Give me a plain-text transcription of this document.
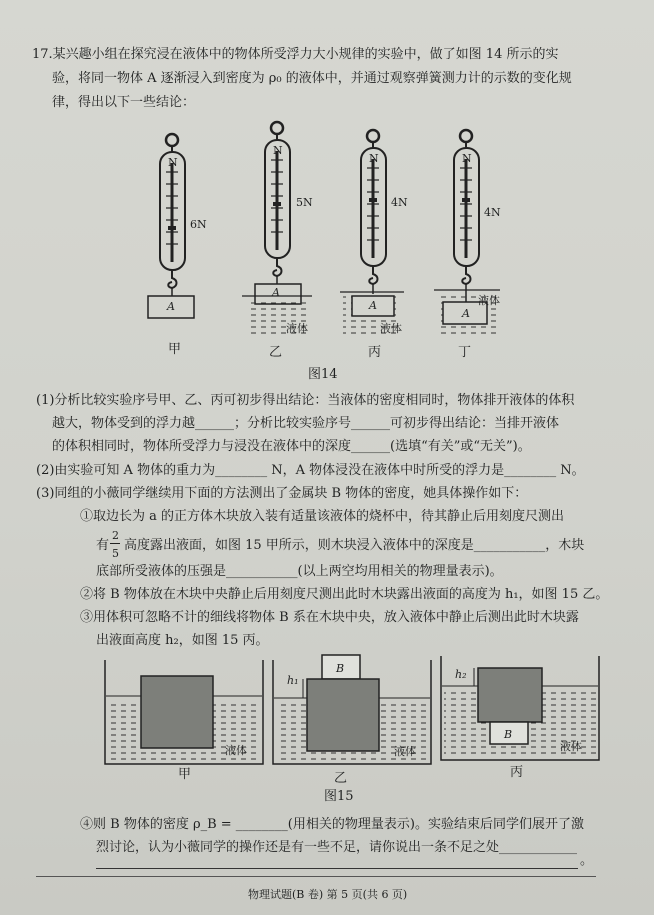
17.某兴趣小组在探究浸在液体中的物体所受浮力大小规律的实验中，做了如图 14 所示的实
验，将同一物体 A 逐渐浸入到密度为 ρ₀ 的液体中，并通过观察弹簧测力计的示数的变化规
律，得出以下一些结论：
N
N
N	N
6N
5N	4N
4N
A
A
A
A
液体	液体
液体
甲	乙	丙	丁
图14
(1)分析比较实验序号甲、乙、丙可初步得出结论：当液体的密度相同时，物体排开液体的体积
越大，物体受到的浮力越______；分析比较实验序号______可初步得出结论：当排开液体
的体积相同时，物体所受浮力与浸没在液体中的深度______(选填“有关”或“无关”)。
(2)由实验可知 A 物体的重力为________ N，A 物体浸没在液体中时所受的浮力是________ N。
(3)同组的小薇同学继续用下面的方法测出了金属块 B 物体的密度，她具体操作如下：
①取边长为 a 的正方体木块放入装有适量该液体的烧杯中，待其静止后用刻度尺测出
有
2
5
高度露出液面，如图 15 甲所示，则木块浸入液体中的深度是___________，木块
底部所受液体的压强是___________(以上两空均用相关的物理量表示)。
②将 B 物体放在木块中央静止后用刻度尺测出此时木块露出液面的高度为 h₁，如图 15 乙。
③用体积可忽略不计的细线将物体 B 系在木块中央，放入液体中静止后测出此时木块露
出液面高度 h₂，如图 15 丙。
液体	液体	液体
B
B
h₁	h₂
甲	乙	丙
图15
④则 B 物体的密度 ρ_B = ________(用相关的物理量表示)。实验结束后同学们展开了激
烈讨论，认为小薇同学的操作还是有一些不足，请你说出一条不足之处____________
。
物理试题(B 卷) 第 5 页(共 6 页)
